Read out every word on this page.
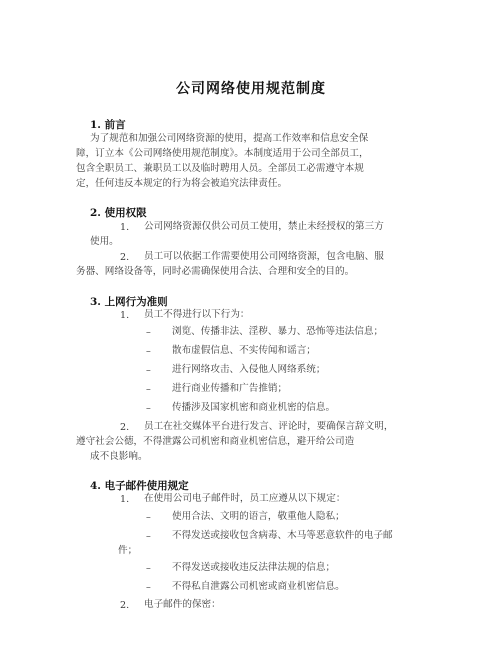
公司网络使用规范制度
1. 前言
为了规范和加强公司网络资源的使用，提高工作效率和信息安全保
障，订立本《公司网络使用规范制度》。本制度适用于公司全部员工，
包含全职员工、兼职员工以及临时聘用人员。全部员工必需遵守本规
定，任何违反本规定的行为将会被追究法律责任。
2. 使用权限
1. 公司网络资源仅供公司员工使用，禁止未经授权的第三方
使用。
2. 员工可以依据工作需要使用公司网络资源，包含电脑、服
务器、网络设备等，同时必需确保使用合法、合理和安全的目的。
3. 上网行为准则
1. 员工不得进行以下行为：
– 浏览、传播非法、淫秽、暴力、恐怖等违法信息；
– 散布虚假信息、不实传闻和谣言；
– 进行网络攻击、入侵他人网络系统；
– 进行商业传播和广告推销；
– 传播涉及国家机密和商业机密的信息。
2. 员工在社交媒体平台进行发言、评论时，要确保言辞文明，
遵守社会公德，不得泄露公司机密和商业机密信息，避开给公司造
成不良影响。
4. 电子邮件使用规定
1. 在使用公司电子邮件时，员工应遵从以下规定：
– 使用合法、文明的语言，敬重他人隐私；
– 不得发送或接收包含病毒、木马等恶意软件的电子邮
件；
– 不得发送或接收违反法律法规的信息；
– 不得私自泄露公司机密或商业机密信息。
2. 电子邮件的保密：
